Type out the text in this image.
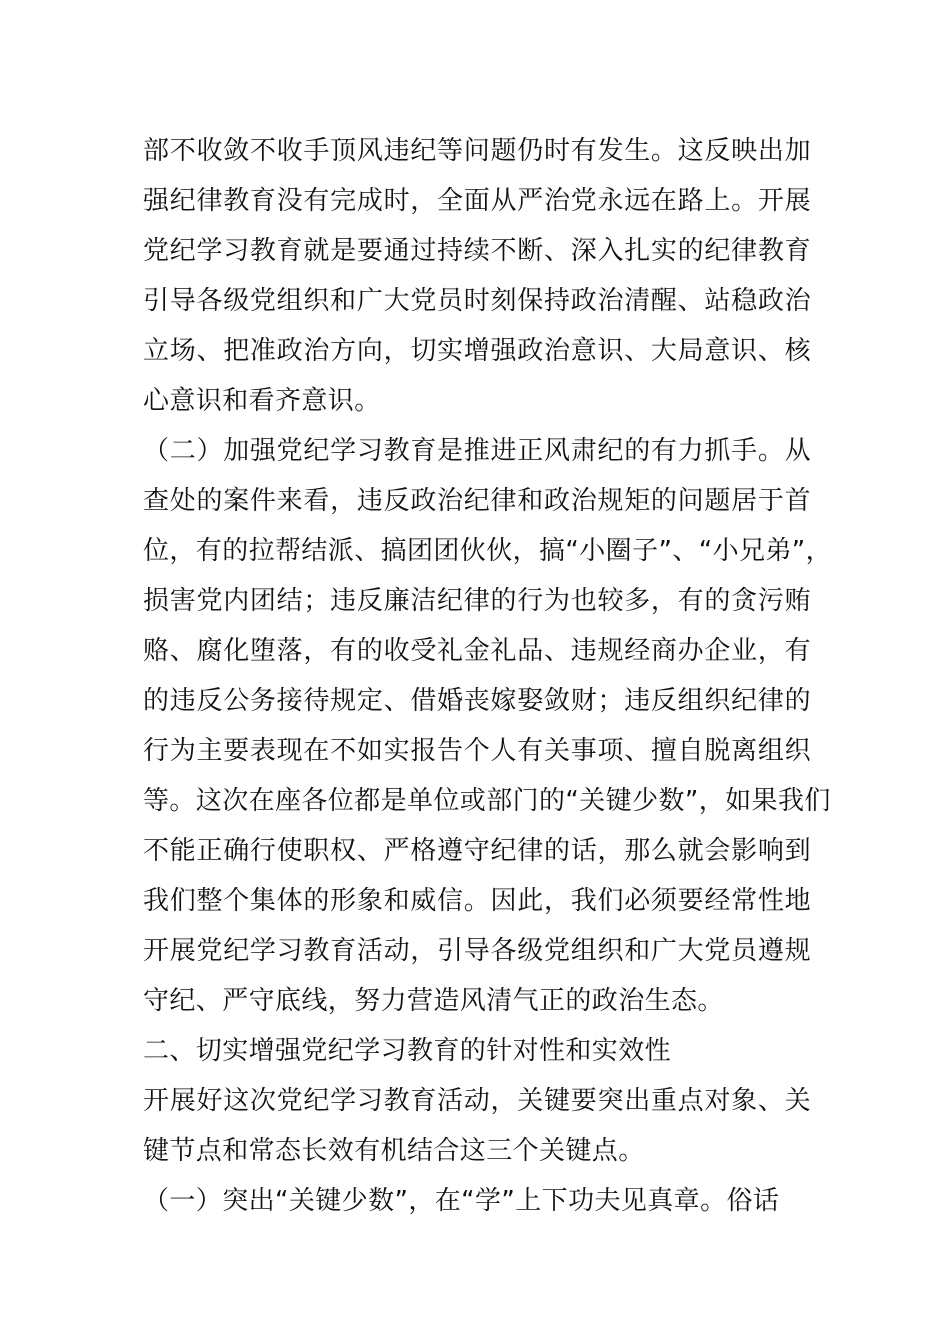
部不收敛不收手顶风违纪等问题仍时有发生。这反映出加
强纪律教育没有完成时，全面从严治党永远在路上。开展
党纪学习教育就是要通过持续不断、深入扎实的纪律教育
引导各级党组织和广大党员时刻保持政治清醒、站稳政治
立场、把准政治方向，切实增强政治意识、大局意识、核
心意识和看齐意识。
（二）加强党纪学习教育是推进正风肃纪的有力抓手。从
查处的案件来看，违反政治纪律和政治规矩的问题居于首
位，有的拉帮结派、搞团团伙伙，搞“小圈子”、“小兄弟”，
损害党内团结；违反廉洁纪律的行为也较多，有的贪污贿
赂、腐化堕落，有的收受礼金礼品、违规经商办企业，有
的违反公务接待规定、借婚丧嫁娶敛财；违反组织纪律的
行为主要表现在不如实报告个人有关事项、擅自脱离组织
等。这次在座各位都是单位或部门的“关键少数”，如果我们
不能正确行使职权、严格遵守纪律的话，那么就会影响到
我们整个集体的形象和威信。因此，我们必须要经常性地
开展党纪学习教育活动，引导各级党组织和广大党员遵规
守纪、严守底线，努力营造风清气正的政治生态。
二、切实增强党纪学习教育的针对性和实效性
开展好这次党纪学习教育活动，关键要突出重点对象、关
键节点和常态长效有机结合这三个关键点。
（一）突出“关键少数”，在“学”上下功夫见真章。俗话
